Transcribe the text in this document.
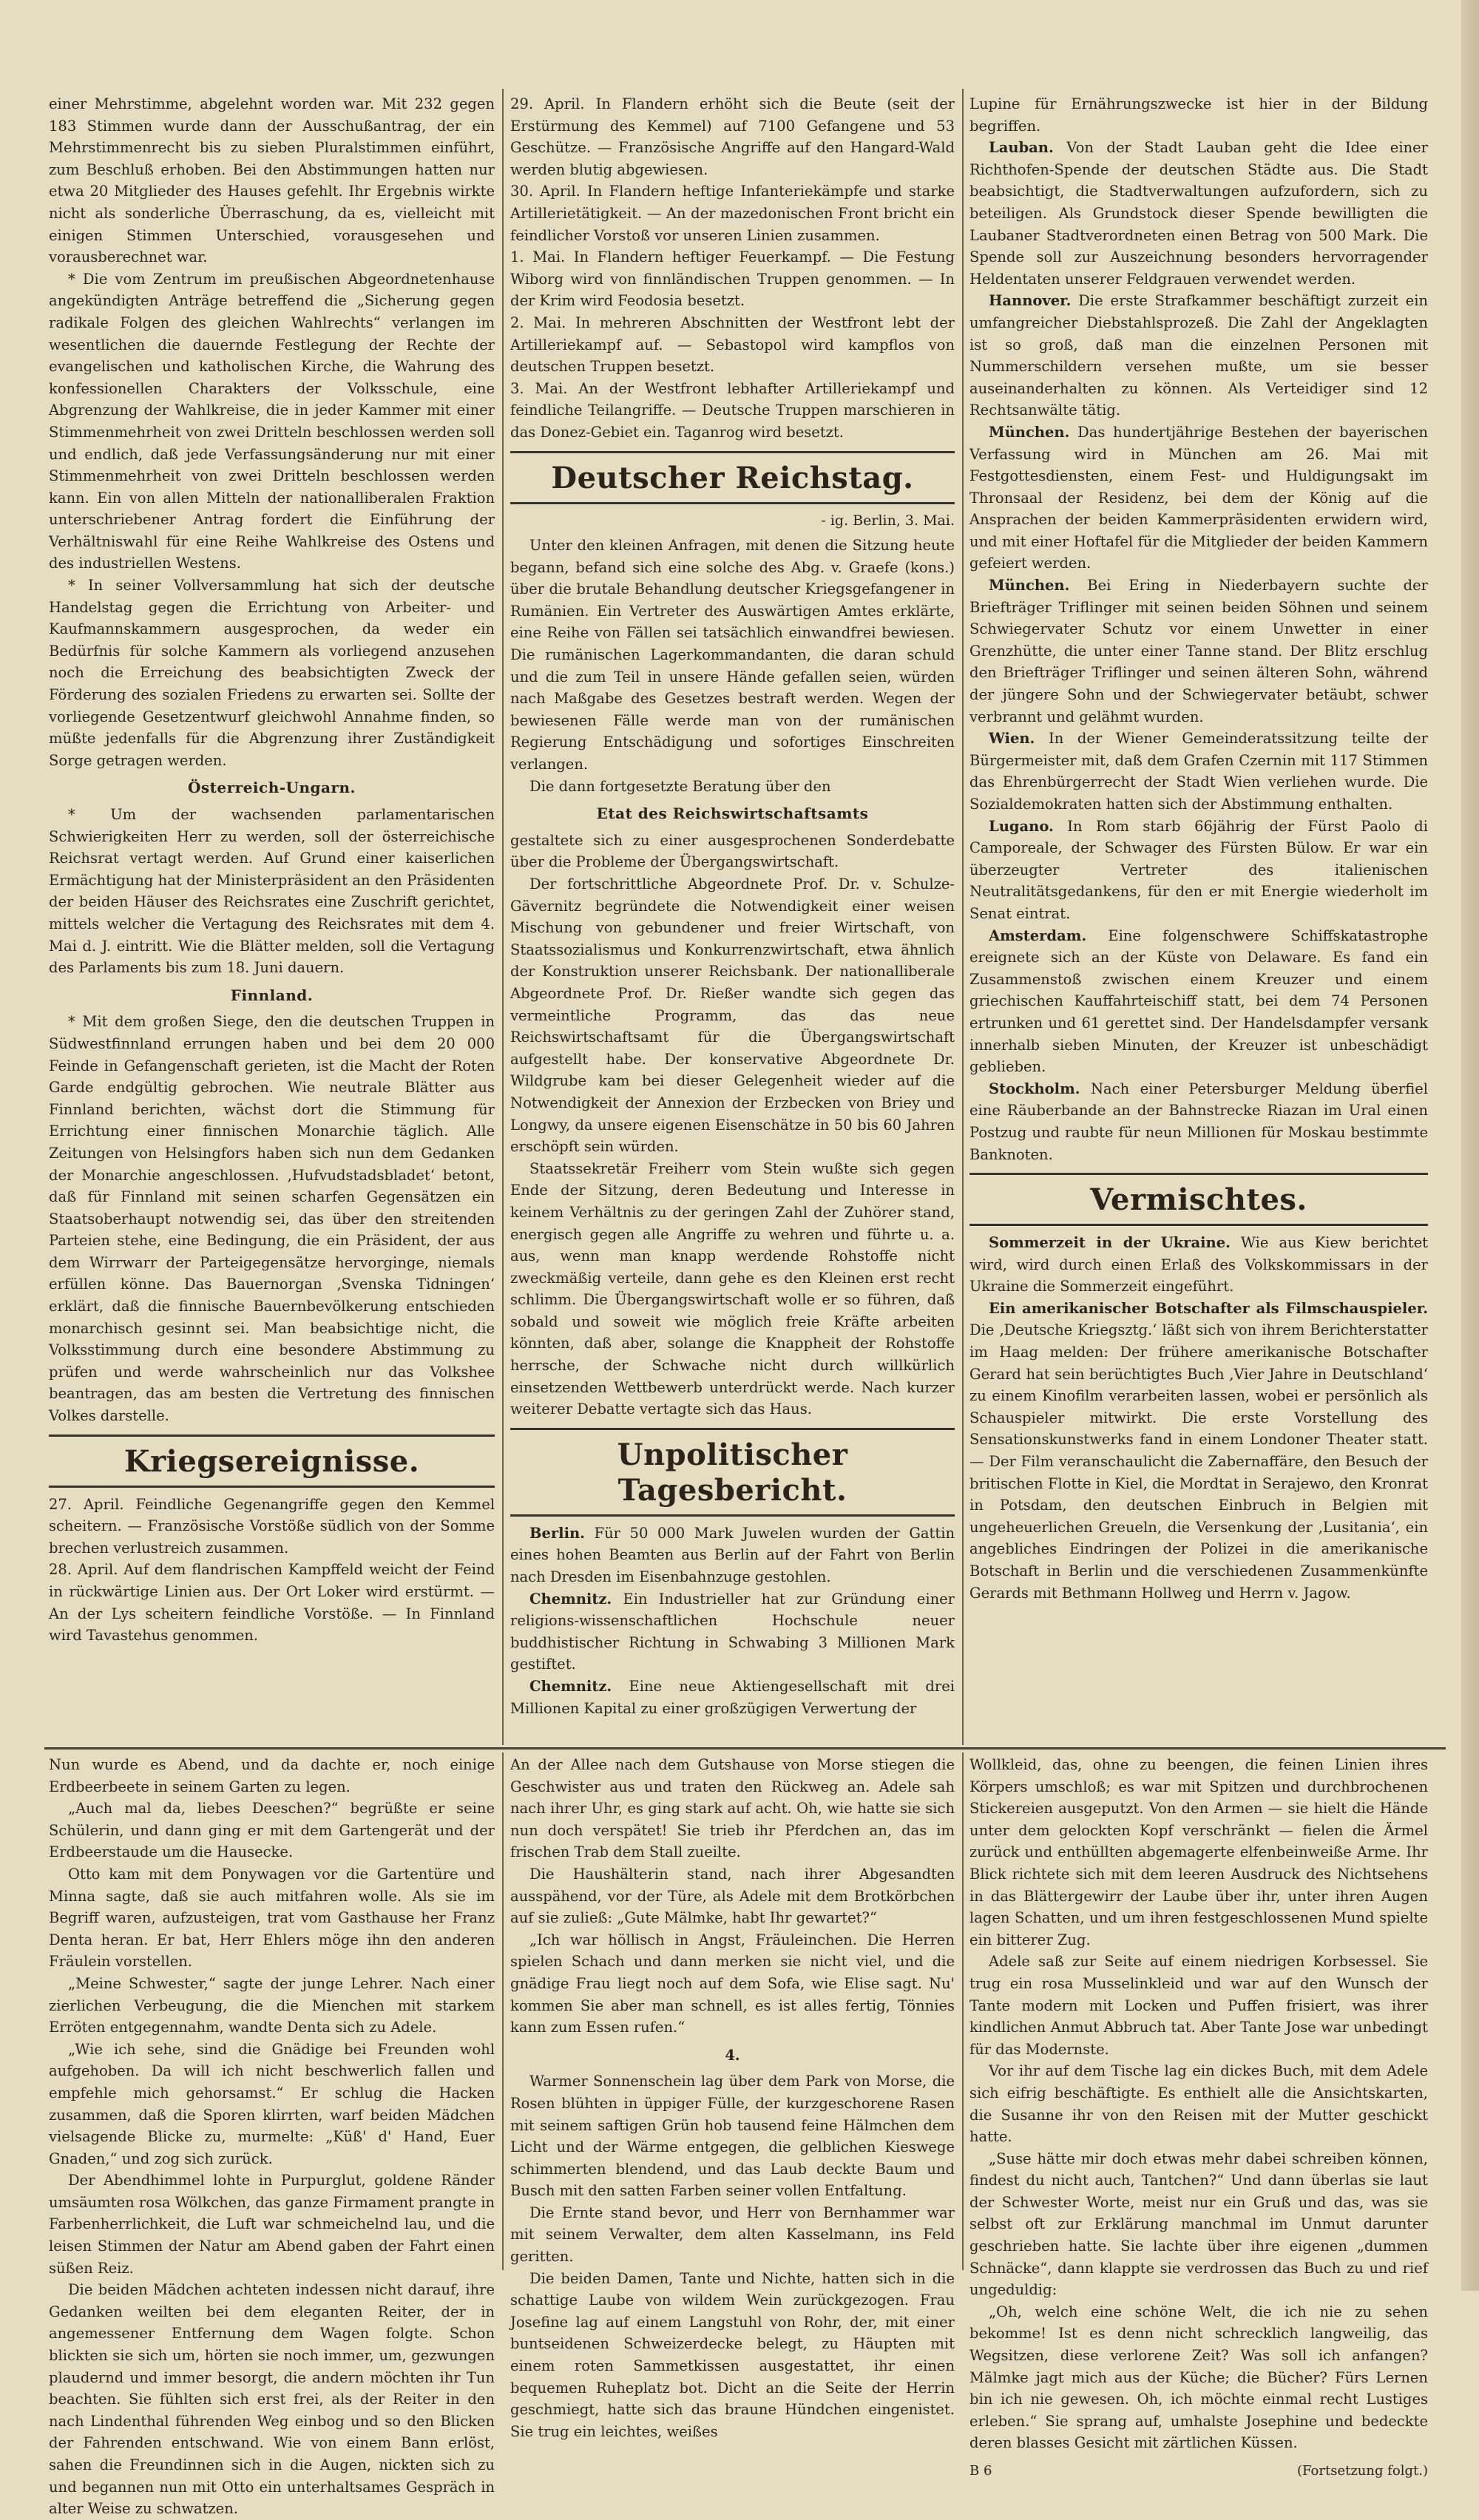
einer Mehrstimme, abgelehnt worden war. Mit 232 gegen 183 Stimmen wurde dann der Ausschußantrag, der ein Mehrstimmenrecht bis zu sieben Pluralstimmen einführt, zum Beschluß erhoben. Bei den Abstimmungen hatten nur etwa 20 Mitglieder des Hauses gefehlt. Ihr Ergebnis wirkte nicht als sonderliche Überraschung, da es, vielleicht mit einigen Stimmen Unterschied, vorausgesehen und vorausberechnet war.

* Die vom Zentrum im preußischen Abgeordnetenhause angekündigten Anträge betreffend die „Sicherung gegen radikale Folgen des gleichen Wahlrechts“ verlangen im wesentlichen die dauernde Festlegung der Rechte der evangelischen und katholischen Kirche, die Wahrung des konfessionellen Charakters der Volksschule, eine Abgrenzung der Wahlkreise, die in jeder Kammer mit einer Stimmenmehrheit von zwei Dritteln beschlossen werden soll und endlich, daß jede Verfassungsänderung nur mit einer Stimmenmehrheit von zwei Dritteln beschlossen werden kann. Ein von allen Mitteln der nationalliberalen Fraktion unterschriebener Antrag fordert die Einführung der Verhältniswahl für eine Reihe Wahlkreise des Ostens und des industriellen Westens.

* In seiner Vollversammlung hat sich der deutsche Handelstag gegen die Errichtung von Arbeiter- und Kaufmannskammern ausgesprochen, da weder ein Bedürfnis für solche Kammern als vorliegend anzusehen noch die Erreichung des beabsichtigten Zweck der Förderung des sozialen Friedens zu erwarten sei. Sollte der vorliegende Gesetzentwurf gleichwohl Annahme finden, so müßte jedenfalls für die Abgrenzung ihrer Zuständigkeit Sorge getragen werden.

Österreich-Ungarn.

* Um der wachsenden parlamentarischen Schwierigkeiten Herr zu werden, soll der österreichische Reichsrat vertagt werden. Auf Grund einer kaiserlichen Ermächtigung hat der Ministerpräsident an den Präsidenten der beiden Häuser des Reichsrates eine Zuschrift gerichtet, mittels welcher die Vertagung des Reichsrates mit dem 4. Mai d. J. eintritt. Wie die Blätter melden, soll die Vertagung des Parlaments bis zum 18. Juni dauern.

Finnland.

* Mit dem großen Siege, den die deutschen Truppen in Südwestfinnland errungen haben und bei dem 20 000 Feinde in Gefangenschaft gerieten, ist die Macht der Roten Garde endgültig gebrochen. Wie neutrale Blätter aus Finnland berichten, wächst dort die Stimmung für Errichtung einer finnischen Monarchie täglich. Alle Zeitungen von Helsingfors haben sich nun dem Gedanken der Monarchie angeschlossen. ‚Hufvudstadsbladet‘ betont, daß für Finnland mit seinen scharfen Gegensätzen ein Staatsoberhaupt notwendig sei, das über den streitenden Parteien stehe, eine Bedingung, die ein Präsident, der aus dem Wirrwarr der Parteigegensätze hervorginge, niemals erfüllen könne. Das Bauernorgan ‚Svenska Tidningen‘ erklärt, daß die finnische Bauernbevölkerung entschieden monarchisch gesinnt sei. Man beabsichtige nicht, die Volksstimmung durch eine besondere Abstimmung zu prüfen und werde wahrscheinlich nur das Volkshee beantragen, das am besten die Vertretung des finnischen Volkes darstelle.

Kriegsereignisse.

27. April. Feindliche Gegenangriffe gegen den Kemmel scheitern. — Französische Vorstöße südlich von der Somme brechen verlustreich zusammen.

28. April. Auf dem flandrischen Kampffeld weicht der Feind in rückwärtige Linien aus. Der Ort Loker wird erstürmt. — An der Lys scheitern feindliche Vorstöße. — In Finnland wird Tavastehus genommen.

29. April. In Flandern erhöht sich die Beute (seit der Erstürmung des Kemmel) auf 7100 Gefangene und 53 Geschütze. — Französische Angriffe auf den Hangard-Wald werden blutig abgewiesen.

30. April. In Flandern heftige Infanteriekämpfe und starke Artillerietätigkeit. — An der mazedonischen Front bricht ein feindlicher Vorstoß vor unseren Linien zusammen.

1. Mai. In Flandern heftiger Feuerkampf. — Die Festung Wiborg wird von finnländischen Truppen genommen. — In der Krim wird Feodosia besetzt.

2. Mai. In mehreren Abschnitten der Westfront lebt der Artilleriekampf auf. — Sebastopol wird kampflos von deutschen Truppen besetzt.

3. Mai. An der Westfront lebhafter Artilleriekampf und feindliche Teilangriffe. — Deutsche Truppen marschieren in das Donez-Gebiet ein. Taganrog wird besetzt.

Deutscher Reichstag.
- ig. Berlin, 3. Mai.

Unter den kleinen Anfragen, mit denen die Sitzung heute begann, befand sich eine solche des Abg. v. Graefe (kons.) über die brutale Behandlung deutscher Kriegsgefangener in Rumänien. Ein Vertreter des Auswärtigen Amtes erklärte, eine Reihe von Fällen sei tatsächlich einwandfrei bewiesen. Die rumänischen Lagerkommandanten, die daran schuld und die zum Teil in unsere Hände gefallen seien, würden nach Maßgabe des Gesetzes bestraft werden. Wegen der bewiesenen Fälle werde man von der rumänischen Regierung Entschädigung und sofortiges Einschreiten verlangen.

Die dann fortgesetzte Beratung über den

Etat des Reichswirtschaftsamts

gestaltete sich zu einer ausgesprochenen Sonderdebatte über die Probleme der Übergangswirtschaft.

Der fortschrittliche Abgeordnete Prof. Dr. v. Schulze-Gävernitz begründete die Notwendigkeit einer weisen Mischung von gebundener und freier Wirtschaft, von Staatssozialismus und Konkurrenzwirtschaft, etwa ähnlich der Konstruktion unserer Reichsbank. Der nationalliberale Abgeordnete Prof. Dr. Rießer wandte sich gegen das vermeintliche Programm, das das neue Reichswirtschaftsamt für die Übergangswirtschaft aufgestellt habe. Der konservative Abgeordnete Dr. Wildgrube kam bei dieser Gelegenheit wieder auf die Notwendigkeit der Annexion der Erzbecken von Briey und Longwy, da unsere eigenen Eisenschätze in 50 bis 60 Jahren erschöpft sein würden.

Staatssekretär Freiherr vom Stein wußte sich gegen Ende der Sitzung, deren Bedeutung und Interesse in keinem Verhältnis zu der geringen Zahl der Zuhörer stand, energisch gegen alle Angriffe zu wehren und führte u. a. aus, wenn man knapp werdende Rohstoffe nicht zweckmäßig verteile, dann gehe es den Kleinen erst recht schlimm. Die Übergangswirtschaft wolle er so führen, daß sobald und soweit wie möglich freie Kräfte arbeiten könnten, daß aber, solange die Knappheit der Rohstoffe herrsche, der Schwache nicht durch willkürlich einsetzenden Wettbewerb unterdrückt werde. Nach kurzer weiterer Debatte vertagte sich das Haus.

Unpolitischer Tagesbericht.

Berlin. Für 50 000 Mark Juwelen wurden der Gattin eines hohen Beamten aus Berlin auf der Fahrt von Berlin nach Dresden im Eisenbahnzuge gestohlen.

Chemnitz. Ein Industrieller hat zur Gründung einer religions-wissenschaftlichen Hochschule neuer buddhistischer Richtung in Schwabing 3 Millionen Mark gestiftet.

Chemnitz. Eine neue Aktiengesellschaft mit drei Millionen Kapital zu einer großzügigen Verwertung der

Lupine für Ernährungszwecke ist hier in der Bildung begriffen.

Lauban. Von der Stadt Lauban geht die Idee einer Richthofen-Spende der deutschen Städte aus. Die Stadt beabsichtigt, die Stadtverwaltungen aufzufordern, sich zu beteiligen. Als Grundstock dieser Spende bewilligten die Laubaner Stadtverordneten einen Betrag von 500 Mark. Die Spende soll zur Auszeichnung besonders hervorragender Heldentaten unserer Feldgrauen verwendet werden.

Hannover. Die erste Strafkammer beschäftigt zurzeit ein umfangreicher Diebstahlsprozeß. Die Zahl der Angeklagten ist so groß, daß man die einzelnen Personen mit Nummerschildern versehen mußte, um sie besser auseinanderhalten zu können. Als Verteidiger sind 12 Rechtsanwälte tätig.

München. Das hundertjährige Bestehen der bayerischen Verfassung wird in München am 26. Mai mit Festgottesdiensten, einem Fest- und Huldigungsakt im Thronsaal der Residenz, bei dem der König auf die Ansprachen der beiden Kammerpräsidenten erwidern wird, und mit einer Hoftafel für die Mitglieder der beiden Kammern gefeiert werden.

München. Bei Ering in Niederbayern suchte der Briefträger Triflinger mit seinen beiden Söhnen und seinem Schwiegervater Schutz vor einem Unwetter in einer Grenzhütte, die unter einer Tanne stand. Der Blitz erschlug den Briefträger Triflinger und seinen älteren Sohn, während der jüngere Sohn und der Schwiegervater betäubt, schwer verbrannt und gelähmt wurden.

Wien. In der Wiener Gemeinderatssitzung teilte der Bürgermeister mit, daß dem Grafen Czernin mit 117 Stimmen das Ehrenbürgerrecht der Stadt Wien verliehen wurde. Die Sozialdemokraten hatten sich der Abstimmung enthalten.

Lugano. In Rom starb 66jährig der Fürst Paolo di Camporeale, der Schwager des Fürsten Bülow. Er war ein überzeugter Vertreter des italienischen Neutralitätsgedankens, für den er mit Energie wiederholt im Senat eintrat.

Amsterdam. Eine folgenschwere Schiffskatastrophe ereignete sich an der Küste von Delaware. Es fand ein Zusammenstoß zwischen einem Kreuzer und einem griechischen Kauffahrteischiff statt, bei dem 74 Personen ertrunken und 61 gerettet sind. Der Handelsdampfer versank innerhalb sieben Minuten, der Kreuzer ist unbeschädigt geblieben.

Stockholm. Nach einer Petersburger Meldung überfiel eine Räuberbande an der Bahnstrecke Riazan im Ural einen Postzug und raubte für neun Millionen für Moskau bestimmte Banknoten.

Vermischtes.

Sommerzeit in der Ukraine. Wie aus Kiew berichtet wird, wird durch einen Erlaß des Volkskommissars in der Ukraine die Sommerzeit eingeführt.

Ein amerikanischer Botschafter als Filmschauspieler. Die ‚Deutsche Kriegsztg.‘ läßt sich von ihrem Berichterstatter im Haag melden: Der frühere amerikanische Botschafter Gerard hat sein berüchtigtes Buch ‚Vier Jahre in Deutschland‘ zu einem Kinofilm verarbeiten lassen, wobei er persönlich als Schauspieler mitwirkt. Die erste Vorstellung des Sensationskunstwerks fand in einem Londoner Theater statt. — Der Film veranschaulicht die Zabernaffäre, den Besuch der britischen Flotte in Kiel, die Mordtat in Serajewo, den Kronrat in Potsdam, den deutschen Einbruch in Belgien mit ungeheuerlichen Greueln, die Versenkung der ‚Lusitania‘, ein angebliches Eindringen der Polizei in die amerikanische Botschaft in Berlin und die verschiedenen Zusammenkünfte Gerards mit Bethmann Hollweg und Herrn v. Jagow.

Nun wurde es Abend, und da dachte er, noch einige Erdbeerbeete in seinem Garten zu legen.

„Auch mal da, liebes Deeschen?“ begrüßte er seine Schülerin, und dann ging er mit dem Gartengerät und der Erdbeerstaude um die Hausecke.

Otto kam mit dem Ponywagen vor die Gartentüre und Minna sagte, daß sie auch mitfahren wolle. Als sie im Begriff waren, aufzusteigen, trat vom Gasthause her Franz Denta heran. Er bat, Herr Ehlers möge ihn den anderen Fräulein vorstellen.

„Meine Schwester,“ sagte der junge Lehrer. Nach einer zierlichen Verbeugung, die die Mienchen mit starkem Erröten entgegennahm, wandte Denta sich zu Adele.

„Wie ich sehe, sind die Gnädige bei Freunden wohl aufgehoben. Da will ich nicht beschwerlich fallen und empfehle mich gehorsamst.“ Er schlug die Hacken zusammen, daß die Sporen klirrten, warf beiden Mädchen vielsagende Blicke zu, murmelte: „Küß' d' Hand, Euer Gnaden,“ und zog sich zurück.

Der Abendhimmel lohte in Purpurglut, goldene Ränder umsäumten rosa Wölkchen, das ganze Firmament prangte in Farbenherrlichkeit, die Luft war schmeichelnd lau, und die leisen Stimmen der Natur am Abend gaben der Fahrt einen süßen Reiz.

Die beiden Mädchen achteten indessen nicht darauf, ihre Gedanken weilten bei dem eleganten Reiter, der in angemessener Entfernung dem Wagen folgte. Schon blickten sie sich um, hörten sie noch immer, um, gezwungen plaudernd und immer besorgt, die andern möchten ihr Tun beachten. Sie fühlten sich erst frei, als der Reiter in den nach Lindenthal führenden Weg einbog und so den Blicken der Fahrenden entschwand. Wie von einem Bann erlöst, sahen die Freundinnen sich in die Augen, nickten sich zu und begannen nun mit Otto ein unterhaltsames Gespräch in alter Weise zu schwatzen.

An der Allee nach dem Gutshause von Morse stiegen die Geschwister aus und traten den Rückweg an. Adele sah nach ihrer Uhr, es ging stark auf acht. Oh, wie hatte sie sich nun doch verspätet! Sie trieb ihr Pferdchen an, das im frischen Trab dem Stall zueilte.

Die Haushälterin stand, nach ihrer Abgesandten ausspähend, vor der Türe, als Adele mit dem Brotkörbchen auf sie zuließ: „Gute Mälmke, habt Ihr gewartet?“

„Ich war höllisch in Angst, Fräuleinchen. Die Herren spielen Schach und dann merken sie nicht viel, und die gnädige Frau liegt noch auf dem Sofa, wie Elise sagt. Nu' kommen Sie aber man schnell, es ist alles fertig, Tönnies kann zum Essen rufen.“

4.

Warmer Sonnenschein lag über dem Park von Morse, die Rosen blühten in üppiger Fülle, der kurzgeschorene Rasen mit seinem saftigen Grün hob tausend feine Hälmchen dem Licht und der Wärme entgegen, die gelblichen Kieswege schimmerten blendend, und das Laub deckte Baum und Busch mit den satten Farben seiner vollen Entfaltung.

Die Ernte stand bevor, und Herr von Bernhammer war mit seinem Verwalter, dem alten Kasselmann, ins Feld geritten.

Die beiden Damen, Tante und Nichte, hatten sich in die schattige Laube von wildem Wein zurückgezogen. Frau Josefine lag auf einem Langstuhl von Rohr, der, mit einer buntseidenen Schweizerdecke belegt, zu Häupten mit einem roten Sammetkissen ausgestattet, ihr einen bequemen Ruheplatz bot. Dicht an die Seite der Herrin geschmiegt, hatte sich das braune Hündchen eingenistet. Sie trug ein leichtes, weißes

Wollkleid, das, ohne zu beengen, die feinen Linien ihres Körpers umschloß; es war mit Spitzen und durchbrochenen Stickereien ausgeputzt. Von den Armen — sie hielt die Hände unter dem gelockten Kopf verschränkt — fielen die Ärmel zurück und enthüllten abgemagerte elfenbeinweiße Arme. Ihr Blick richtete sich mit dem leeren Ausdruck des Nichtsehens in das Blättergewirr der Laube über ihr, unter ihren Augen lagen Schatten, und um ihren festgeschlossenen Mund spielte ein bitterer Zug.

Adele saß zur Seite auf einem niedrigen Korbsessel. Sie trug ein rosa Musselinkleid und war auf den Wunsch der Tante modern mit Locken und Puffen frisiert, was ihrer kindlichen Anmut Abbruch tat. Aber Tante Jose war unbedingt für das Modernste.

Vor ihr auf dem Tische lag ein dickes Buch, mit dem Adele sich eifrig beschäftigte. Es enthielt alle die Ansichtskarten, die Susanne ihr von den Reisen mit der Mutter geschickt hatte.

„Suse hätte mir doch etwas mehr dabei schreiben können, findest du nicht auch, Tantchen?“ Und dann überlas sie laut der Schwester Worte, meist nur ein Gruß und das, was sie selbst oft zur Erklärung manchmal im Unmut darunter geschrieben hatte. Sie lachte über ihre eigenen „dummen Schnäcke“, dann klappte sie verdrossen das Buch zu und rief ungeduldig:

„Oh, welch eine schöne Welt, die ich nie zu sehen bekomme! Ist es denn nicht schrecklich langweilig, das Wegsitzen, diese verlorene Zeit? Was soll ich anfangen? Mälmke jagt mich aus der Küche; die Bücher? Fürs Lernen bin ich nie gewesen. Oh, ich möchte einmal recht Lustiges erleben.“ Sie sprang auf, umhalste Josephine und bedeckte deren blasses Gesicht mit zärtlichen Küssen.

B 6	(Fortsetzung folgt.)
